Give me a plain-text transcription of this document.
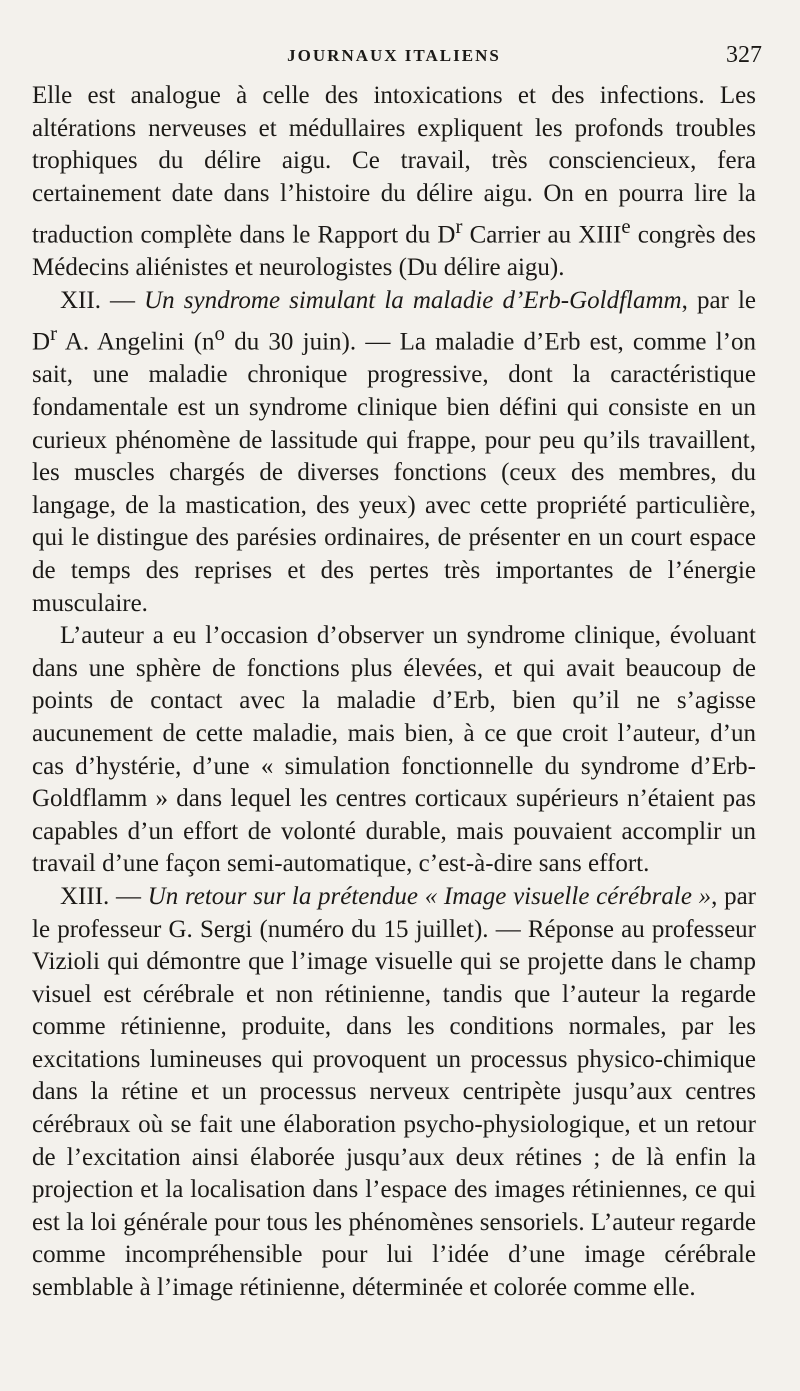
JOURNAUX ITALIENS	327

Elle est analogue à celle des intoxications et des infections. Les altérations nerveuses et médullaires expliquent les profonds troubles trophiques du délire aigu. Ce travail, très consciencieux, fera certainement date dans l’histoire du délire aigu. On en pourra lire la traduction complète dans le Rapport du $D^r$ Carrier au XIIIe congrès des Médecins aliénistes et neurologistes (Du délire aigu).

XII. — Un syndrome simulant la maladie d’Erb-Goldflamm, par le $D^r$ A. Angelini ($n^o$ du 30 juin). — La maladie d’Erb est, comme l’on sait, une maladie chronique progressive, dont la caractéristique fondamentale est un syndrome clinique bien défini qui consiste en un curieux phénomène de lassitude qui frappe, pour peu qu’ils travaillent, les muscles chargés de diverses fonctions (ceux des membres, du langage, de la mastication, des yeux) avec cette propriété particulière, qui le distingue des parésies ordinaires, de présenter en un court espace de temps des reprises et des pertes très importantes de l’énergie musculaire.

L’auteur a eu l’occasion d’observer un syndrome clinique, évoluant dans une sphère de fonctions plus élevées, et qui avait beaucoup de points de contact avec la maladie d’Erb, bien qu’il ne s’agisse aucunement de cette maladie, mais bien, à ce que croit l’auteur, d’un cas d’hystérie, d’une « simulation fonctionnelle du syndrome d’Erb-Goldflamm » dans lequel les centres corticaux supérieurs n’étaient pas capables d’un effort de volonté durable, mais pouvaient accomplir un travail d’une façon semi-automatique, c’est-à-dire sans effort.

XIII. — Un retour sur la prétendue « Image visuelle cérébrale », par le professeur G. Sergi (numéro du 15 juillet). — Réponse au professeur Vizioli qui démontre que l’image visuelle qui se projette dans le champ visuel est cérébrale et non rétinienne, tandis que l’auteur la regarde comme rétinienne, produite, dans les conditions normales, par les excitations lumineuses qui provoquent un processus physico-chimique dans la rétine et un processus nerveux centripète jusqu’aux centres cérébraux où se fait une élaboration psycho-physiologique, et un retour de l’excitation ainsi élaborée jusqu’aux deux rétines ; de là enfin la projection et la localisation dans l’espace des images rétiniennes, ce qui est la loi générale pour tous les phénomènes sensoriels. L’auteur regarde comme incompréhensible pour lui l’idée d’une image cérébrale semblable à l’image rétinienne, déterminée et colorée comme elle.
